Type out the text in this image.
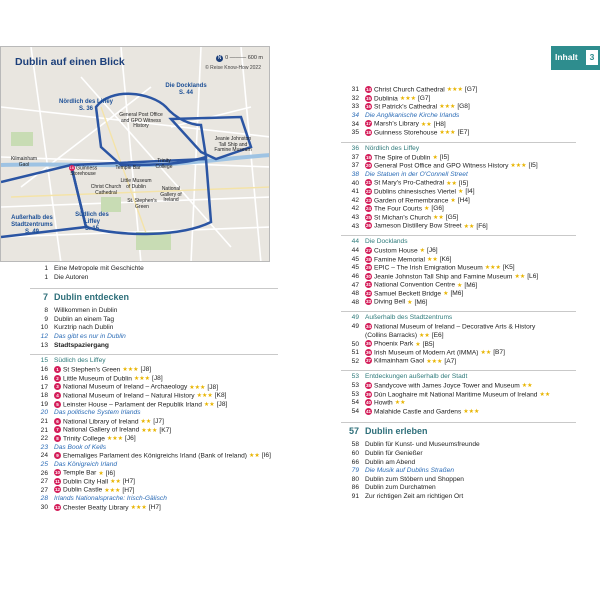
Dublin auf einen Blick	N 0 ——— 600 m
© Reise Know-How 2022
Nördlich des Liffey
S. 36
Die Docklands
S. 44
Außerhalb des Stadtzentrums
S. 49
Südlich des Liffey
S. 15
General Post Office and GPO Witness History
Jeanie Johnston Tall Ship and Famine Museum
16 Guinness Storehouse
Temple Bar
Trinity College
Little Museum of Dublin
Christ Church Cathedral
National Gallery of Ireland
St. Stephen's Green
Kilmainham Gaol
Inhalt	3
1 Eine Metropole mit Geschichte
1 Die Autoren
7 Dublin entdecken
8 Willkommen in Dublin
9 Dublin an einem Tag
10 Kurztrip nach Dublin
12 Das gibt es nur in Dublin
13 Stadtspaziergang
15 Südlich des Liffey
16 1 St Stephen's Green ★★★ [J8]
16 2 Little Museum of Dublin ★★★ [J8]
17 3 National Museum of Ireland – Archaeology ★★★ [J8]
18 4 National Museum of Ireland – Natural History ★★★ [K8]
19 5 Leinster House – Parlament der Republik Irland ★★ [J8]
20 Das politische System Irlands
21 6 National Library of Ireland ★★ [J7]
21 7 National Gallery of Ireland ★★★ [K7]
22 8 Trinity College ★★★ [J6]
23 Das Book of Kells
24 9 Ehemaliges Parlament des Königreichs Irland (Bank of Ireland) ★★ [I6]
25 Das Königreich Irland
26 10 Temple Bar ★ [I6]
27 11 Dublin City Hall ★★ [H7]
27 12 Dublin Castle ★★★ [H7]
28 Irlands Nationalsprache: Irisch-Gälisch
30 13 Chester Beatty Library ★★★ [H7]
31 14 Christ Church Cathedral ★★★ [G7]
32 15 Dublinia ★★★ [G7]
33 16 St Patrick's Cathedral ★★★ [G8]
34 Die Anglikanische Kirche Irlands
34 17 Marsh's Library ★★ [H8]
35 18 Guinness Storehouse ★★★ [E7]
36 Nördlich des Liffey
37 19 The Spire of Dublin ★ [I5]
37 20 General Post Office and GPO Witness History ★★★ [I5]
38 Die Statuen in der O'Connell Street
40 21 St Mary's Pro-Cathedral ★★ [I5]
41 22 Dublins chinesisches Viertel ★ [I4]
42 23 Garden of Remembrance ★ [H4]
42 24 The Four Courts ★ [G6]
43 25 St Michan's Church ★★ [G5]
43 26 Jameson Distillery Bow Street ★★ [F6]
44 Die Docklands
44 27 Custom House ★ [J6]
45 28 Famine Memorial ★★ [K6]
45 29 EPIC – The Irish Emigration Museum ★★★ [K5]
46 30 Jeanie Johnston Tall Ship and Famine Museum ★★ [L6]
47 31 National Convention Centre ★ [M6]
48 32 Samuel Beckett Bridge ★ [M6]
48 33 Diving Bell ★ [M6]
49 Außerhalb des Stadtzentrums
49 34 National Museum of Ireland – Decorative Arts & History
(Collins Barracks) ★★ [E6]
50 35 Phoenix Park ★ [B5]
51 36 Irish Museum of Modern Art (IMMA) ★★ [B7]
52 37 Kilmainham Gaol ★★★ [A7]
53 Entdeckungen außerhalb der Stadt
53 38 Sandycove with James Joyce Tower and Museum ★★
53 39 Dún Laoghaire mit National Maritime Museum of Ireland ★★
54 40 Howth ★★
54 41 Malahide Castle and Gardens ★★★
57 Dublin erleben
58 Dublin für Kunst- und Museumsfreunde
60 Dublin für Genießer
66 Dublin am Abend
79 Die Musik auf Dublins Straßen
80 Dublin zum Stöbern und Shoppen
86 Dublin zum Durchatmen
91 Zur richtigen Zeit am richtigen Ort
